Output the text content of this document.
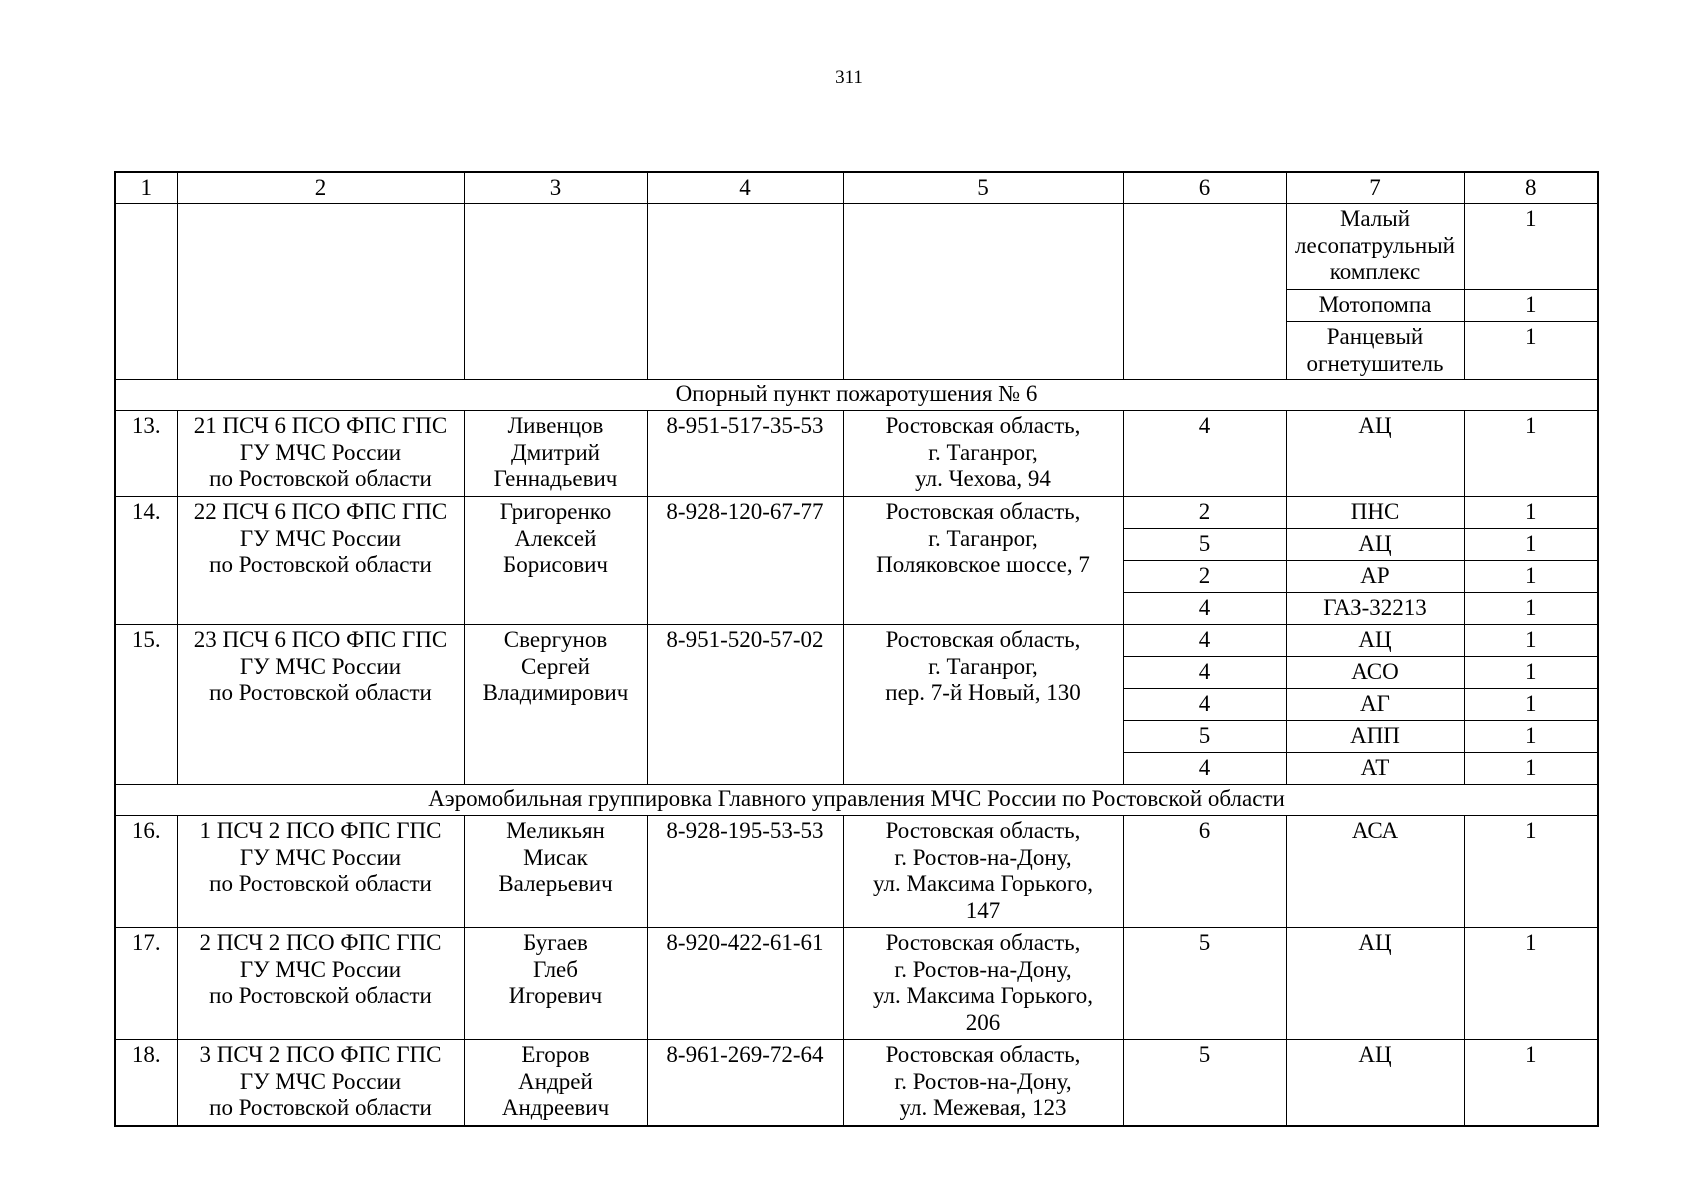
311
1	2	3	4	5	6	7	8
						Малый
лесопатрульный
комплекс	1
						Мотопомпа	1
						Ранцевый
огнетушитель	1
Опорный пункт пожаротушения № 6							
13.	21 ПСЧ 6 ПСО ФПС ГПС
ГУ МЧС России
по Ростовской области	Ливенцов
Дмитрий
Геннадьевич	8-951-517-35-53	Ростовская область,
г. Таганрог,
ул. Чехова, 94	4	АЦ	1
14.	22 ПСЧ 6 ПСО ФПС ГПС
ГУ МЧС России
по Ростовской области	Григоренко
Алексей
Борисович	8-928-120-67-77	Ростовская область,
г. Таганрог,
Поляковское шоссе, 7	2	ПНС	1
					5	АЦ	1
					2	АР	1
					4	ГАЗ-32213	1
15.	23 ПСЧ 6 ПСО ФПС ГПС
ГУ МЧС России
по Ростовской области	Свергунов
Сергей
Владимирович	8-951-520-57-02	Ростовская область,
г. Таганрог,
пер. 7-й Новый, 130	4	АЦ	1
					4	АСО	1
					4	АГ	1
					5	АПП	1
					4	АТ	1
Аэромобильная группировка Главного управления МЧС России по Ростовской области							
16.	1 ПСЧ 2 ПСО ФПС ГПС
ГУ МЧС России
по Ростовской области	Меликьян
Мисак
Валерьевич	8-928-195-53-53	Ростовская область,
г. Ростов-на-Дону,
ул. Максима Горького,
147	6	АСА	1
17.	2 ПСЧ 2 ПСО ФПС ГПС
ГУ МЧС России
по Ростовской области	Бугаев
Глеб
Игоревич	8-920-422-61-61	Ростовская область,
г. Ростов-на-Дону,
ул. Максима Горького,
206	5	АЦ	1
18.	3 ПСЧ 2 ПСО ФПС ГПС
ГУ МЧС России
по Ростовской области	Егоров
Андрей
Андреевич	8-961-269-72-64	Ростовская область,
г. Ростов-на-Дону,
ул. Межевая, 123	5	АЦ	1
